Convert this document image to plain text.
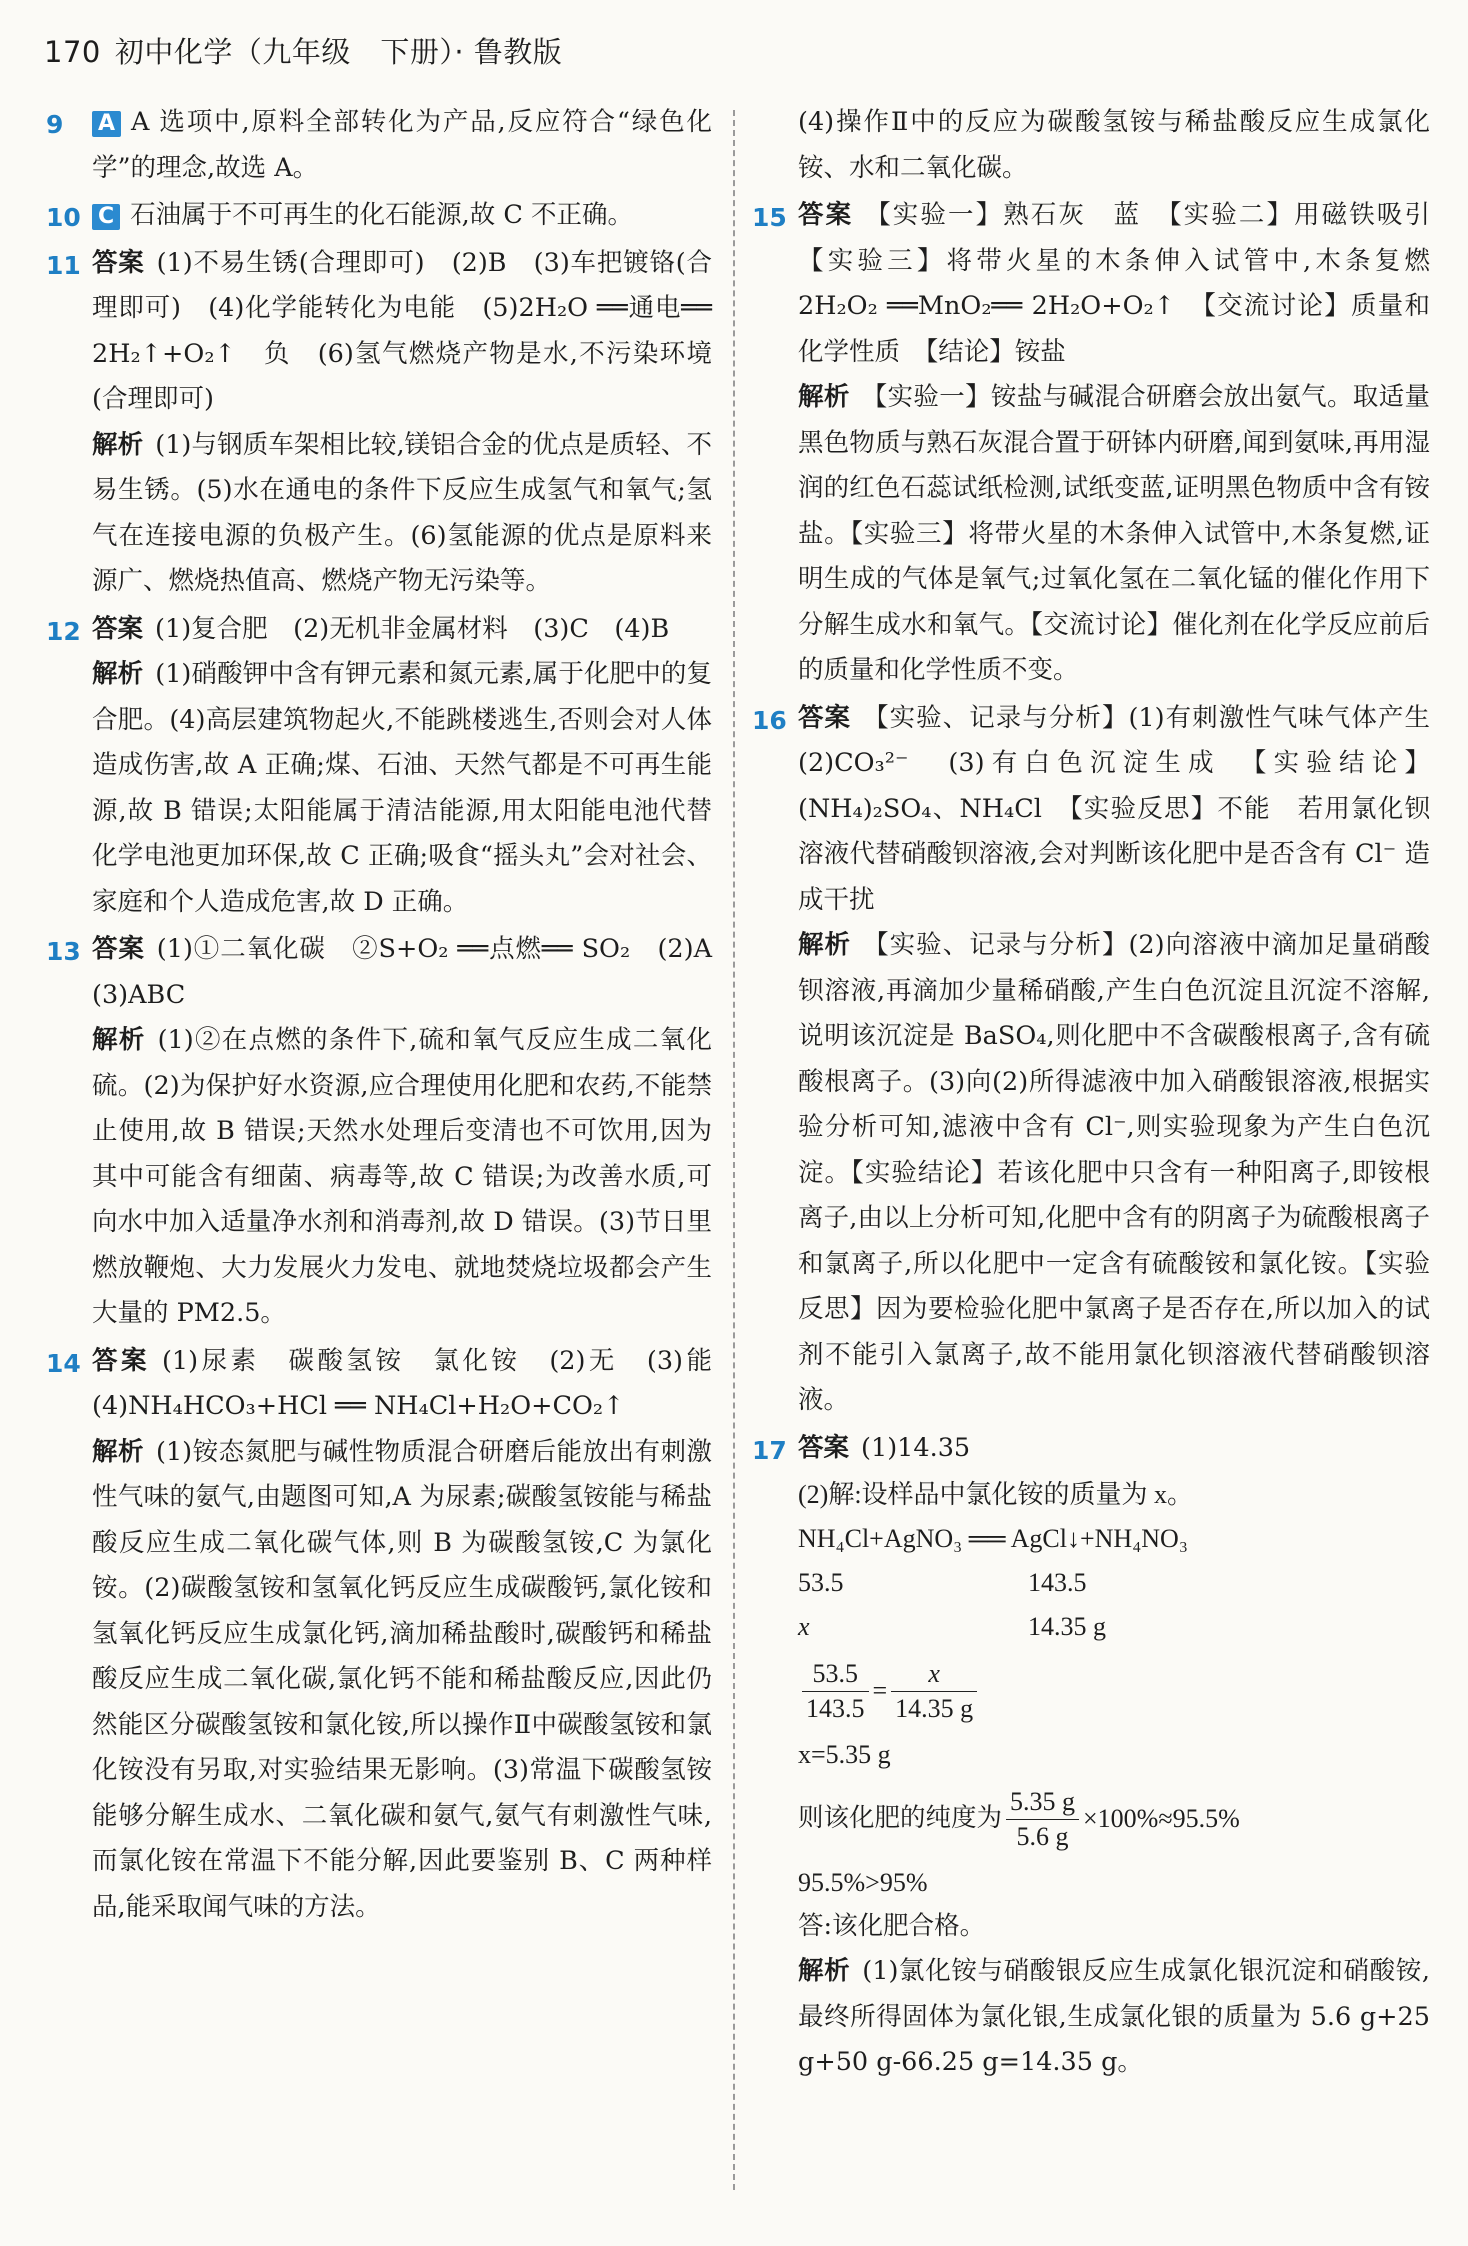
170 初中化学（九年级　下册）· 鲁教版
9 A A 选项中,原料全部转化为产品,反应符合“绿色化学”的理念,故选 A。

10 C 石油属于不可再生的化石能源,故 C 不正确。

11 答案 (1)不易生锈(合理即可)　(2)B　(3)车把镀铬(合理即可)　(4)化学能转化为电能　(5)2H₂O ══通电══ 2H₂↑+O₂↑　负　(6)氢气燃烧产物是水,不污染环境(合理即可)

解析 (1)与钢质车架相比较,镁铝合金的优点是质轻、不易生锈。(5)水在通电的条件下反应生成氢气和氧气;氢气在连接电源的负极产生。(6)氢能源的优点是原料来源广、燃烧热值高、燃烧产物无污染等。

12 答案 (1)复合肥　(2)无机非金属材料　(3)C　(4)B

解析 (1)硝酸钾中含有钾元素和氮元素,属于化肥中的复合肥。(4)高层建筑物起火,不能跳楼逃生,否则会对人体造成伤害,故 A 正确;煤、石油、天然气都是不可再生能源,故 B 错误;太阳能属于清洁能源,用太阳能电池代替化学电池更加环保,故 C 正确;吸食“摇头丸”会对社会、家庭和个人造成危害,故 D 正确。

13 答案 (1)①二氧化碳　②S+O₂ ══点燃══ SO₂　(2)A　(3)ABC

解析 (1)②在点燃的条件下,硫和氧气反应生成二氧化硫。(2)为保护好水资源,应合理使用化肥和农药,不能禁止使用,故 B 错误;天然水处理后变清也不可饮用,因为其中可能含有细菌、病毒等,故 C 错误;为改善水质,可向水中加入适量净水剂和消毒剂,故 D 错误。(3)节日里燃放鞭炮、大力发展火力发电、就地焚烧垃圾都会产生大量的 PM2.5。

14 答案 (1)尿素　碳酸氢铵　氯化铵　(2)无　(3)能　(4)NH₄HCO₃+HCl ══ NH₄Cl+H₂O+CO₂↑

解析 (1)铵态氮肥与碱性物质混合研磨后能放出有刺激性气味的氨气,由题图可知,A 为尿素;碳酸氢铵能与稀盐酸反应生成二氧化碳气体,则 B 为碳酸氢铵,C 为氯化铵。(2)碳酸氢铵和氢氧化钙反应生成碳酸钙,氯化铵和氢氧化钙反应生成氯化钙,滴加稀盐酸时,碳酸钙和稀盐酸反应生成二氧化碳,氯化钙不能和稀盐酸反应,因此仍然能区分碳酸氢铵和氯化铵,所以操作Ⅱ中碳酸氢铵和氯化铵没有另取,对实验结果无影响。(3)常温下碳酸氢铵能够分解生成水、二氧化碳和氨气,氨气有刺激性气味,而氯化铵在常温下不能分解,因此要鉴别 B、C 两种样品,能采取闻气味的方法。

(4)操作Ⅱ中的反应为碳酸氢铵与稀盐酸反应生成氯化铵、水和二氧化碳。

15 答案 【实验一】熟石灰　蓝　【实验二】用磁铁吸引　【实验三】将带火星的木条伸入试管中,木条复燃　2H₂O₂ ══MnO₂══ 2H₂O+O₂↑　【交流讨论】质量和化学性质　【结论】铵盐

解析 【实验一】铵盐与碱混合研磨会放出氨气。取适量黑色物质与熟石灰混合置于研钵内研磨,闻到氨味,再用湿润的红色石蕊试纸检测,试纸变蓝,证明黑色物质中含有铵盐。【实验三】将带火星的木条伸入试管中,木条复燃,证明生成的气体是氧气;过氧化氢在二氧化锰的催化作用下分解生成水和氧气。【交流讨论】催化剂在化学反应前后的质量和化学性质不变。

16 答案 【实验、记录与分析】(1)有刺激性气味气体产生　(2)CO₃²⁻　(3)有白色沉淀生成　【实验结论】(NH₄)₂SO₄、NH₄Cl　【实验反思】不能　若用氯化钡溶液代替硝酸钡溶液,会对判断该化肥中是否含有 Cl⁻ 造成干扰

解析 【实验、记录与分析】(2)向溶液中滴加足量硝酸钡溶液,再滴加少量稀硝酸,产生白色沉淀且沉淀不溶解,说明该沉淀是 BaSO₄,则化肥中不含碳酸根离子,含有硫酸根离子。(3)向(2)所得滤液中加入硝酸银溶液,根据实验分析可知,滤液中含有 Cl⁻,则实验现象为产生白色沉淀。【实验结论】若该化肥中只含有一种阳离子,即铵根离子,由以上分析可知,化肥中含有的阴离子为硫酸根离子和氯离子,所以化肥中一定含有硫酸铵和氯化铵。【实验反思】因为要检验化肥中氯离子是否存在,所以加入的试剂不能引入氯离子,故不能用氯化钡溶液代替硝酸钡溶液。

17 答案 (1)14.35

(2)解:设样品中氯化铵的质量为 x。
NH₄Cl+AgNO₃ ══ AgCl↓+NH₄NO₃
53.5	143.5
x	14.35 g
$\frac{53.5}{143.5} = \frac{x}{14.35 g}$
x=5.35 g
则该化肥的纯度为 $\frac{5.35 g}{5.6 g} \times 100\%\approx 95.5\%$
95.5%>95%
答:该化肥合格。

解析 (1)氯化铵与硝酸银反应生成氯化银沉淀和硝酸铵,最终所得固体为氯化银,生成氯化银的质量为 5.6 g+25 g+50 g-66.25 g=14.35 g。
